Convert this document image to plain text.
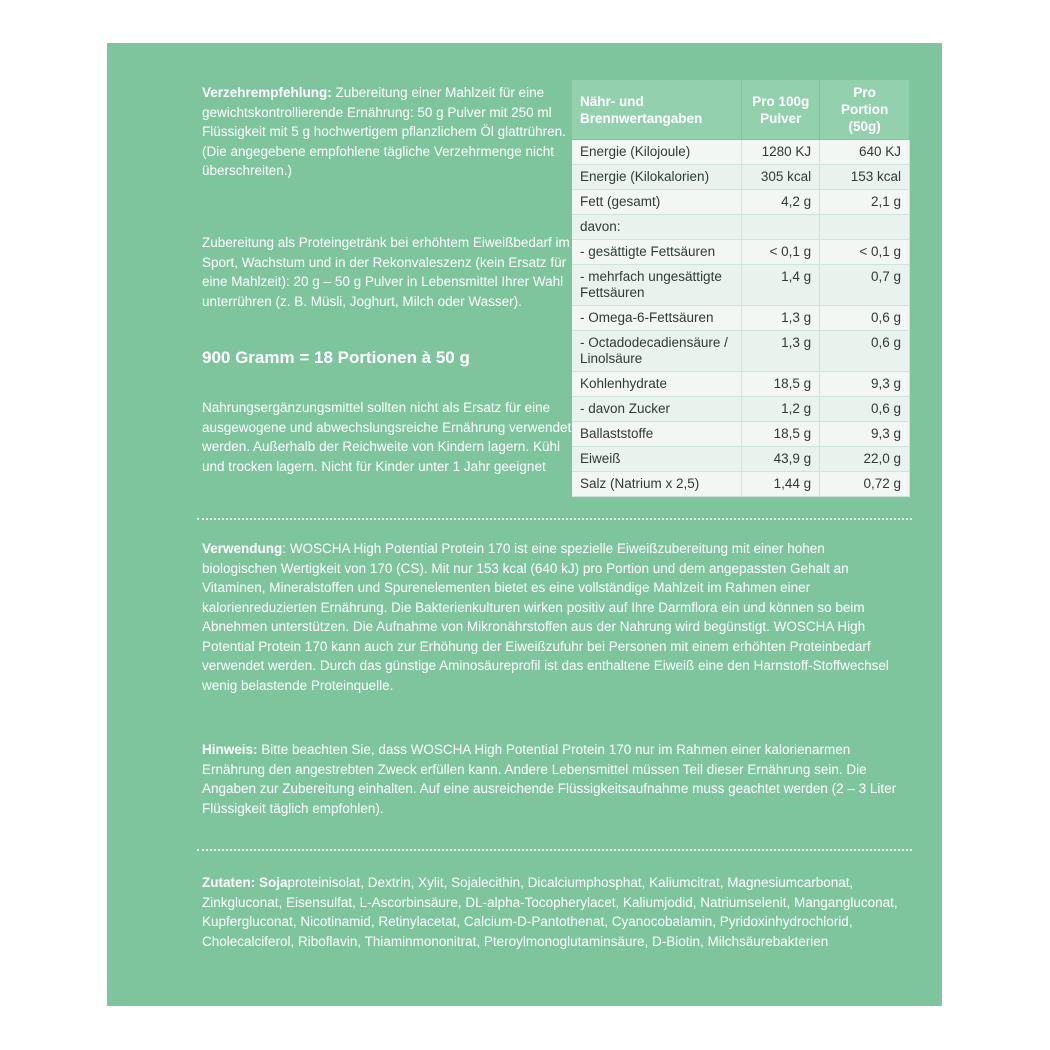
Verzehrempfehlung: Zubereitung einer Mahlzeit für eine gewichtskontrollierende Ernährung: 50 g Pulver mit 250 ml Flüssigkeit mit 5 g hochwertigem pflanzlichem Öl glattrühren. (Die angegebene empfohlene tägliche Verzehrmenge nicht überschreiten.)
Zubereitung als Proteingetränk bei erhöhtem Eiweißbedarf im Sport, Wachstum und in der Rekonvaleszenz (kein Ersatz für eine Mahlzeit): 20 g – 50 g Pulver in Lebensmittel Ihrer Wahl unterrühren (z. B. Müsli, Joghurt, Milch oder Wasser).
900 Gramm = 18 Portionen à 50 g
Nahrungsergänzungsmittel sollten nicht als Ersatz für eine ausgewogene und abwechslungsreiche Ernährung verwendet werden. Außerhalb der Reichweite von Kindern lagern. Kühl und trocken lagern. Nicht für Kinder unter 1 Jahr geeignet
Nähr- und Brennwertangaben	Pro 100g Pulver	Pro Portion (50g)
Energie (Kilojoule)	1280 KJ	640 KJ
Energie (Kilokalorien)	305 kcal	153 kcal
Fett (gesamt)	4,2 g	2,1 g
davon:		
- gesättigte Fettsäuren	< 0,1 g	< 0,1 g
- mehrfach ungesättigte Fettsäuren	1,4 g	0,7 g
- Omega-6-Fettsäuren	1,3 g	0,6 g
- Octadodecadiensäure / Linolsäure	1,3 g	0,6 g
Kohlenhydrate	18,5 g	9,3 g
- davon Zucker	1,2 g	0,6 g
Ballaststoffe	18,5 g	9,3 g
Eiweiß	43,9 g	22,0 g
Salz (Natrium x 2,5)	1,44 g	0,72 g
Verwendung: WOSCHA High Potential Protein 170 ist eine spezielle Eiweißzubereitung mit einer hohen biologischen Wertigkeit von 170 (CS). Mit nur 153 kcal (640 kJ) pro Portion und dem angepassten Gehalt an Vitaminen, Mineralstoffen und Spurenelementen bietet es eine vollständige Mahlzeit im Rahmen einer kalorienreduzierten Ernährung. Die Bakterienkulturen wirken positiv auf Ihre Darmflora ein und können so beim Abnehmen unterstützen. Die Aufnahme von Mikronährstoffen aus der Nahrung wird begünstigt. WOSCHA High Potential Protein 170 kann auch zur Erhöhung der Eiweißzufuhr bei Personen mit einem erhöhten Proteinbedarf verwendet werden. Durch das günstige Aminosäureprofil ist das enthaltene Eiweiß eine den Harnstoff-Stoffwechsel wenig belastende Proteinquelle.
Hinweis: Bitte beachten Sie, dass WOSCHA High Potential Protein 170 nur im Rahmen einer kalorienarmen Ernährung den angestrebten Zweck erfüllen kann. Andere Lebensmittel müssen Teil dieser Ernährung sein. Die Angaben zur Zubereitung einhalten. Auf eine ausreichende Flüssigkeitsaufnahme muss geachtet werden (2 – 3 Liter Flüssigkeit täglich empfohlen).
Zutaten: Sojaproteinisolat, Dextrin, Xylit, Sojalecithin, Dicalciumphosphat, Kaliumcitrat, Magnesiumcarbonat, Zinkgluconat, Eisensulfat, L-Ascorbinsäure, DL-alpha-Tocopherylacet, Kaliumjodid, Natriumselenit, Mangangluconat, Kupfergluconat, Nicotinamid, Retinylacetat, Calcium-D-Pantothenat, Cyanocobalamin, Pyridoxinhydrochlorid, Cholecalciferol, Riboflavin, Thiaminmononitrat, Pteroylmonoglutaminsäure, D-Biotin, Milchsäurebakterien
